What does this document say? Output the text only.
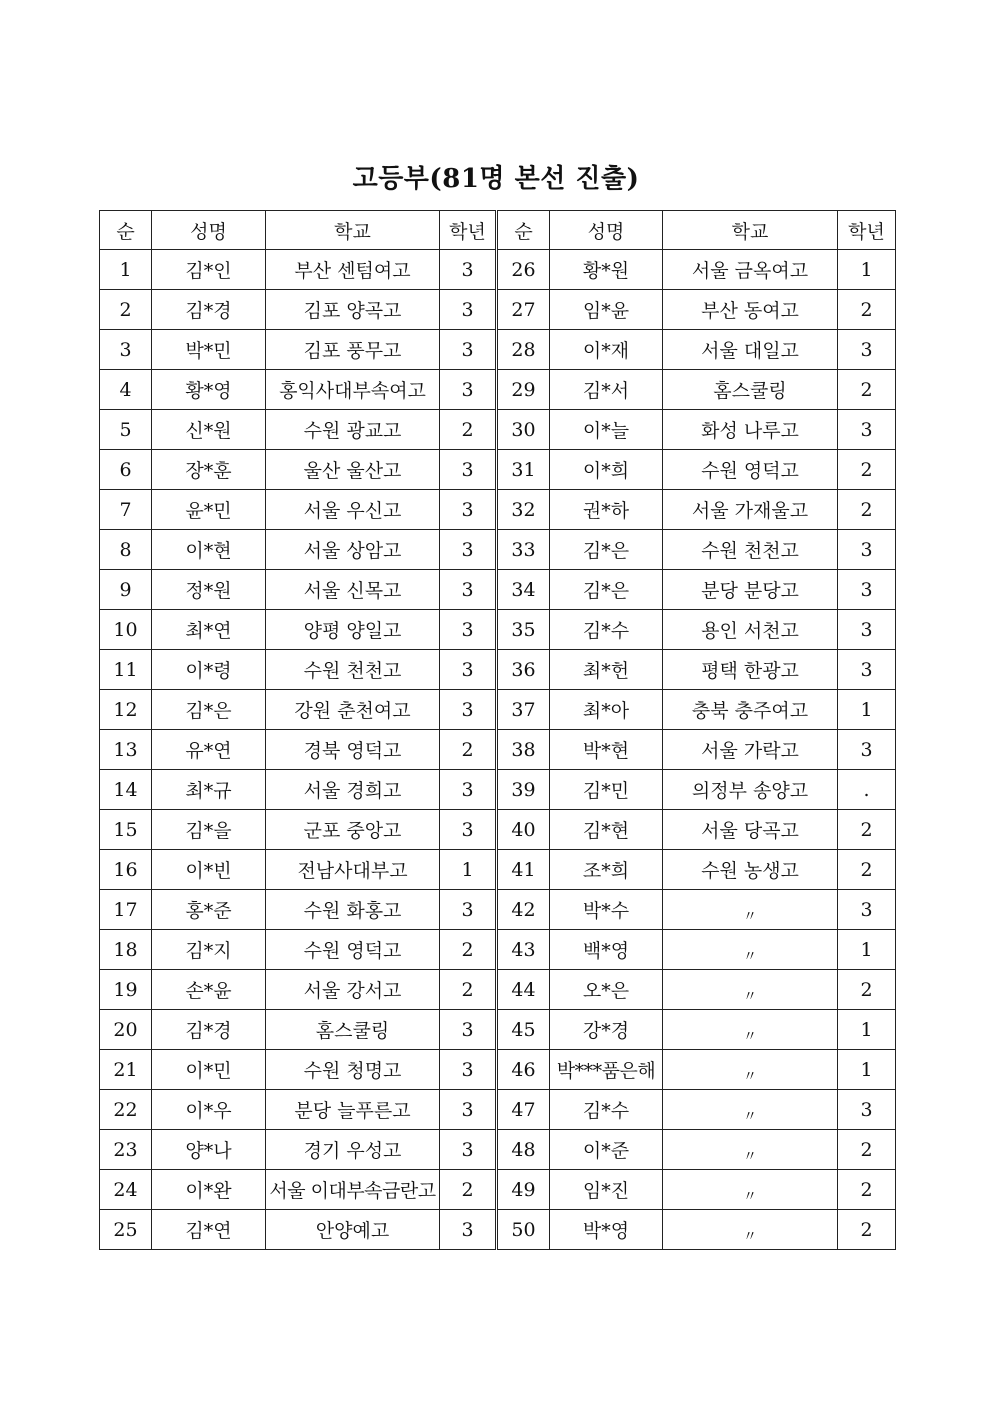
고등부(81명 본선 진출)
순	성명	학교	학년	순	성명	학교	학년
1	김*인	부산 센텀여고	3	26	황*원	서울 금옥여고	1
2	김*경	김포 양곡고	3	27	임*윤	부산 동여고	2
3	박*민	김포 풍무고	3	28	이*재	서울 대일고	3
4	황*영	홍익사대부속여고	3	29	김*서	홈스쿨링	2
5	신*원	수원 광교고	2	30	이*늘	화성 나루고	3
6	장*훈	울산 울산고	3	31	이*희	수원 영덕고	2
7	윤*민	서울 우신고	3	32	권*하	서울 가재울고	2
8	이*현	서울 상암고	3	33	김*은	수원 천천고	3
9	정*원	서울 신목고	3	34	김*은	분당 분당고	3
10	최*연	양평 양일고	3	35	김*수	용인 서천고	3
11	이*령	수원 천천고	3	36	최*헌	평택 한광고	3
12	김*은	강원 춘천여고	3	37	최*아	충북 충주여고	1
13	유*연	경북 영덕고	2	38	박*현	서울 가락고	3
14	최*규	서울 경희고	3	39	김*민	의정부 송양고	.
15	김*을	군포 중앙고	3	40	김*현	서울 당곡고	2
16	이*빈	전남사대부고	1	41	조*희	수원 농생고	2
17	홍*준	수원 화홍고	3	42	박*수	$_〃$	3
18	김*지	수원 영덕고	2	43	백*영	$_〃$	1
19	손*윤	서울 강서고	2	44	오*은	$_〃$	2
20	김*경	홈스쿨링	3	45	강*경	$_〃$	1
21	이*민	수원 청명고	3	46	박***품은해	$_〃$	1
22	이*우	분당 늘푸른고	3	47	김*수	$_〃$	3
23	양*나	경기 우성고	3	48	이*준	$_〃$	2
24	이*완	서울 이대부속금란고	2	49	임*진	$_〃$	2
25	김*연	안양예고	3	50	박*영	$_〃$	2
